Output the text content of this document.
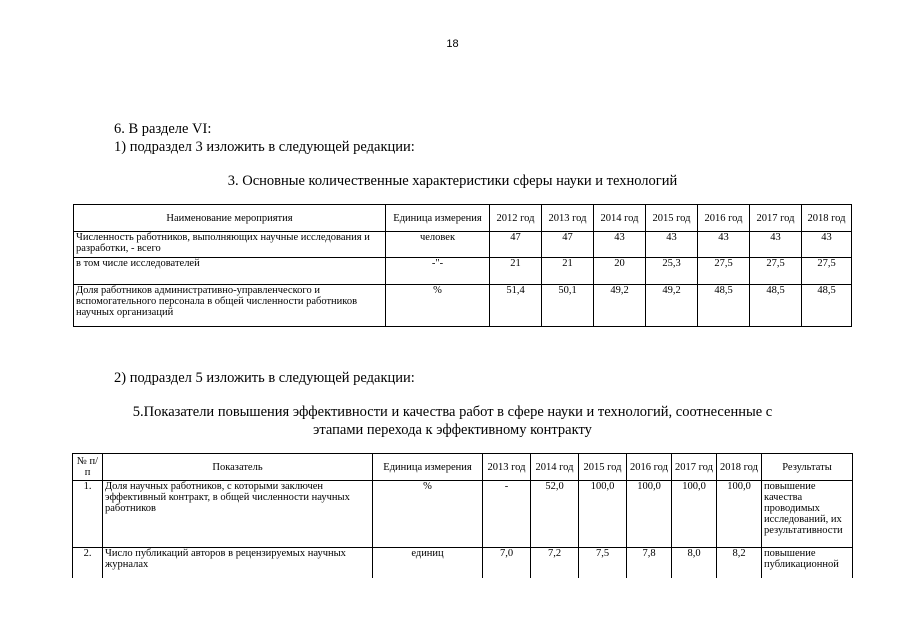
18
6. В разделе VI:
1) подраздел 3 изложить в следующей редакции:
3. Основные количественные характеристики сферы науки и технологий
Наименование мероприятия	Единица измерения	2012 год	2013 год	2014 год	2015 год	2016 год	2017 год	2018 год
Численность работников, выполняющих научные исследования и разработки, - всего	человек	47	47	43	43	43	43	43
в том числе исследователей	-"-	21	21	20	25,3	27,5	27,5	27,5
Доля работников административно-управленческого и вспомогательного персонала в общей численности работников научных организаций	%	51,4	50,1	49,2	49,2	48,5	48,5	48,5
2) подраздел 5 изложить в следующей редакции:
5.Показатели повышения эффективности и качества работ в сфере науки и технологий, соотнесенные с
этапами перехода к эффективному контракту
№ п/п	Показатель	Единица измерения	2013 год	2014 год	2015 год	2016 год	2017 год	2018 год	Результаты
1.	Доля научных работников, с которыми заключен эффективный контракт, в общей численности научных работников	%	-	52,0	100,0	100,0	100,0	100,0	повышение качества проводимых исследований, их результативности
2.	Число публикаций авторов в рецензируемых научных журналах	единиц	7,0	7,2	7,5	7,8	8,0	8,2	повышение публикационной
